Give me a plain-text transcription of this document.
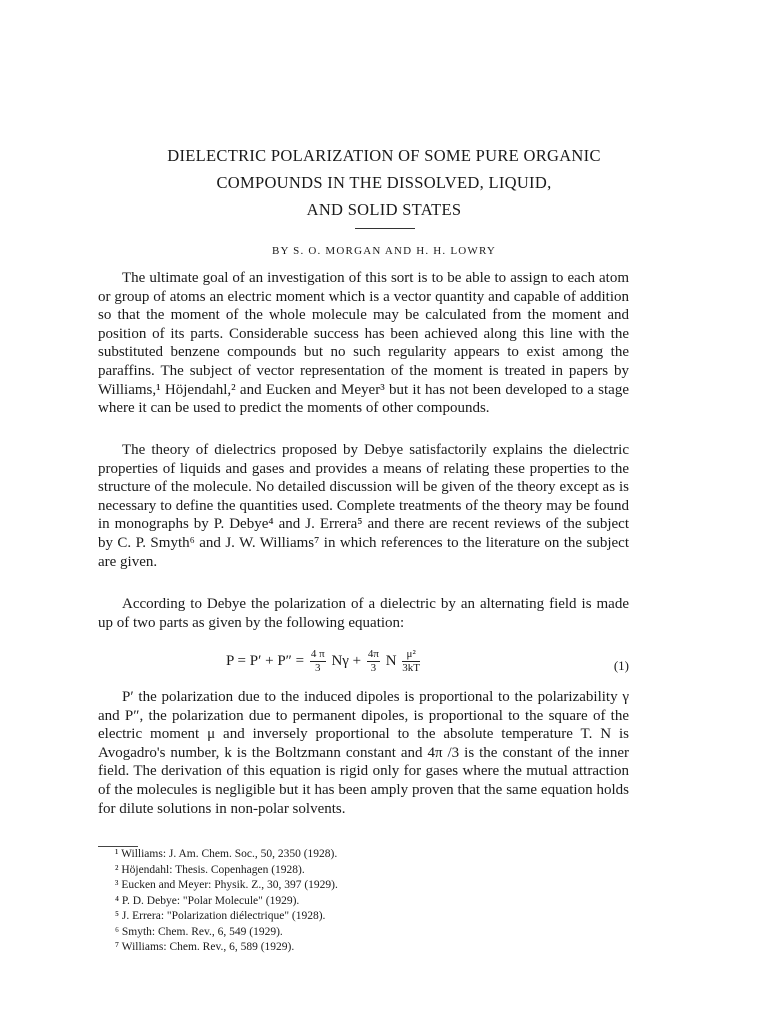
DIELECTRIC POLARIZATION OF SOME PURE ORGANIC
COMPOUNDS IN THE DISSOLVED, LIQUID,
AND SOLID STATES
BY S. O. MORGAN AND H. H. LOWRY

The ultimate goal of an investigation of this sort is to be able to assign to each atom or group of atoms an electric moment which is a vector quantity and capable of addition so that the moment of the whole molecule may be calculated from the moment and position of its parts. Considerable success has been achieved along this line with the substituted benzene compounds but no such regularity appears to exist among the paraffins. The subject of vector representation of the moment is treated in papers by Williams,¹ Höjendahl,² and Eucken and Meyer³ but it has not been developed to a stage where it can be used to predict the moments of other compounds.

The theory of dielectrics proposed by Debye satisfactorily explains the dielectric properties of liquids and gases and provides a means of relating these properties to the structure of the molecule. No detailed discussion will be given of the theory except as is necessary to define the quantities used. Complete treatments of the theory may be found in monographs by P. Debye⁴ and J. Errera⁵ and there are recent reviews of the subject by C. P. Smyth⁶ and J. W. Williams⁷ in which references to the literature on the subject are given.

According to Debye the polarization of a dielectric by an alternating field is made up of two parts as given by the following equation:

$P = P' + P'' = \frac{4 \pi}{3}$ $N\gamma + \frac{4\pi}{3}$ N $\frac{\text{μ²}}{3kT}$	(1)

P′ the polarization due to the induced dipoles is proportional to the polarizability γ and P″, the polarization due to permanent dipoles, is proportional to the square of the electric moment μ and inversely proportional to the absolute temperature T. N is Avogadro's number, k is the Boltzmann constant and 4π /3 is the constant of the inner field. The derivation of this equation is rigid only for gases where the mutual attraction of the molecules is negligible but it has been amply proven that the same equation holds for dilute solutions in non-polar solvents.

¹ Williams: J. Am. Chem. Soc., 50, 2350 (1928).
² Höjendahl: Thesis. Copenhagen (1928).
³ Eucken and Meyer: Physik. Z., 30, 397 (1929).
⁴ P. D. Debye: "Polar Molecule" (1929).
⁵ J. Errera: "Polarization diélectrique" (1928).
⁶ Smyth: Chem. Rev., 6, 549 (1929).
⁷ Williams: Chem. Rev., 6, 589 (1929).
